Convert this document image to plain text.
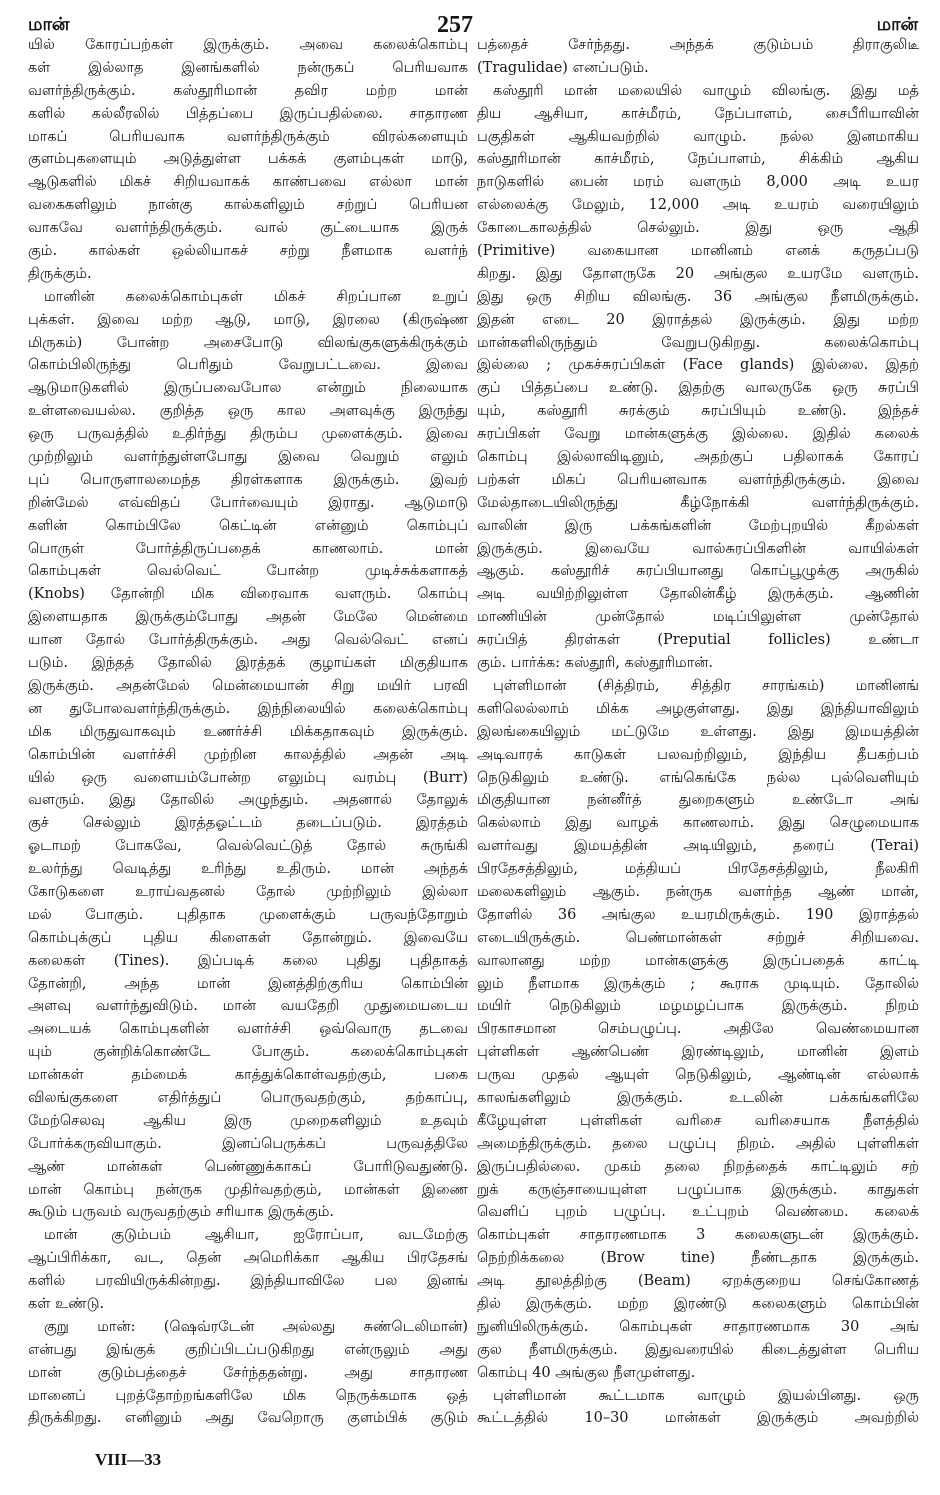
மான்	257	மான்
யில் கோரப்பற்கள் இருக்கும். அவை கலைக்கொம்பு
கள் இல்லாத இனங்களில் நன்ருகப் பெரியவாக
வளர்ந்திருக்கும். கஸ்தூரிமான் தவிர மற்ற மான்
களில் கல்லீரலில் பித்தப்பை இருப்பதில்லை. சாதாரண
மாகப் பெரியவாக வளர்ந்திருக்கும் விரல்களையும்
குளம்புகளையும் அடுத்துள்ள பக்கக் குளம்புகள் மாடு,
ஆடுகளில் மிகச் சிறியவாகக் காண்பவை எல்லா மான்
வகைகளிலும் நான்கு கால்களிலும் சற்றுப் பெரியன
வாகவே வளர்ந்திருக்கும். வால் குட்டையாக இருக்
கும். கால்கள் ஒல்லியாகச் சற்று நீளமாக வளர்ந்
திருக்கும்.
மானின் கலைக்கொம்புகள் மிகச் சிறப்பான உறுப்
புக்கள். இவை மற்ற ஆடு, மாடு, இரலை (கிருஷ்ண
மிருகம்) போன்ற அசைபோடு விலங்குகளுக்கிருக்கும்
கொம்பிலிருந்து பெரிதும் வேறுபட்டவை. இவை
ஆடுமாடுகளில் இருப்பவைபோல என்றும் நிலையாக
உள்ளவையல்ல. குறித்த ஒரு கால அளவுக்கு இருந்து
ஒரு பருவத்தில் உதிர்ந்து திரும்ப முளைக்கும். இவை
முற்றிலும் வளர்ந்துள்ளபோது இவை வெறும் எலும்
புப் பொருளாலமைந்த திரள்களாக இருக்கும். இவற்
றின்மேல் எவ்விதப் போர்வையும் இராது. ஆடுமாடு
களின் கொம்பிலே கெட்டின் என்னும் கொம்புப்
பொருள் போர்த்திருப்பதைக் காணலாம். மான்
கொம்புகள் வெல்வெட் போன்ற முடிச்சுக்களாகத்
(Knobs) தோன்றி மிக விரைவாக வளரும். கொம்பு
இளையதாக இருக்கும்போது அதன் மேலே மென்மை
யான தோல் போர்த்திருக்கும். அது வெல்வெட் எனப்
படும். இந்தத் தோலில் இரத்தக் குழாய்கள் மிகுதியாக
இருக்கும். அதன்மேல் மென்மையான் சிறு மயிர் பரவி
ன துபோலவளர்ந்திருக்கும். இந்நிலையில் கலைக்கொம்பு
மிக மிருதுவாகவும் உணர்ச்சி மிக்கதாகவும் இருக்கும்.
கொம்பின் வளர்ச்சி முற்றின காலத்தில் அதன் அடி
யில் ஒரு வளையம்போன்ற எலும்பு வரம்பு (Burr)
வளரும். இது தோலில் அழுந்தும். அதனால் தோலுக்
குச் செல்லும் இரத்தஓட்டம் தடைப்படும். இரத்தம்
ஓடாமற் போகவே, வெல்வெட்டுத் தோல் சுருங்கி
உலர்ந்து வெடித்து உரிந்து உதிரும். மான் அந்தக்
கோடுகளை உராய்வதனல் தோல் முற்றிலும் இல்லா
மல் போகும். புதிதாக முளைக்கும் பருவந்தோறும்
கொம்புக்குப் புதிய கிளைகள் தோன்றும். இவையே
கலைகள் (Tines). இப்படிக் கலை புதிது புதிதாகத்
தோன்றி, அந்த மான் இனத்திற்குரிய கொம்பின்
அளவு வளர்ந்துவிடும். மான் வயதேறி முதுமையடைய
அடையக் கொம்புகளின் வளர்ச்சி ஒவ்வொரு தடவை
யும் குன்றிக்கொண்டே போகும். கலைக்கொம்புகள்
மான்கள் தம்மைக் காத்துக்கொள்வதற்கும், பகை
விலங்குகளை எதிர்த்துப் பொருவதற்கும், தற்காப்பு,
மேற்செலவு ஆகிய இரு முறைகளிலும் உதவும்
போர்க்கருவியாகும். இனப்பெருக்கப் பருவத்திலே
ஆண் மான்கள் பெண்ணுக்காகப் போரிடுவதுண்டு.
மான் கொம்பு நன்ருக முதிர்வதற்கும், மான்கள் இணை
கூடும் பருவம் வருவதற்கும் சரியாக இருக்கும்.
மான் குடும்பம் ஆசியா, ஐரோப்பா, வடமேற்கு
ஆப்பிரிக்கா, வட, தென் அமெரிக்கா ஆகிய பிரதேசங்
களில் பரவியிருக்கின்றது. இந்தியாவிலே பல இனங்
கள் உண்டு.
குறு மான்: (ஷெவ்ரடேன் அல்லது சுண்டெலிமான்)
என்பது இங்குக் குறிப்பிடப்படுகிறது என்ருலும் அது
மான் குடும்பத்தைச் சேர்ந்ததன்று. அது சாதாரண
மானைப் புறத்தோற்றங்களிலே மிக நெருக்கமாக ஒத்
திருக்கிறது. எனினும் அது வேறொரு குளம்பிக் குடும்
பத்தைச் சேர்ந்தது. அந்தக் குடும்பம் திராகுலிடீ
(Tragulidae) எனப்படும்.
கஸ்தூரி மான் மலையில் வாழும் விலங்கு. இது மத்
திய ஆசியா, காச்மீரம், நேப்பாளம், சைபீரியாவின்
பகுதிகள் ஆகியவற்றில் வாழும். நல்ல இனமாகிய
கஸ்தூரிமான் காச்மீரம், நேப்பாளம், சிக்கிம் ஆகிய
நாடுகளில் பைன் மரம் வளரும் 8,000 அடி உயர
எல்லைக்கு மேலும், 12,000 அடி உயரம் வரையிலும்
கோடைகாலத்தில் செல்லும். இது ஒரு ஆதி
(Primitive) வகையான மானினம் எனக் கருதப்படு
கிறது. இது தோளருகே 20 அங்குல உயரமே வளரும்.
இது ஒரு சிறிய விலங்கு. 36 அங்குல நீளமிருக்கும்.
இதன் எடை 20 இராத்தல் இருக்கும். இது மற்ற
மான்களிலிருந்தும் வேறுபடுகிறது. கலைக்கொம்பு
இல்லை ; முகச்சுரப்பிகள் (Face glands) இல்லை. இதற்
குப் பித்தப்பை உண்டு. இதற்கு வாலருகே ஒரு சுரப்பி
யும், கஸ்தூரி சுரக்கும் சுரப்பியும் உண்டு. இந்தச்
சுரப்பிகள் வேறு மான்களுக்கு இல்லை. இதில் கலைக்
கொம்பு இல்லாவிடினும், அதற்குப் பதிலாகக் கோரப்
பற்கள் மிகப் பெரியனவாக வளர்ந்திருக்கும். இவை
மேல்தாடையிலிருந்து கீழ்நோக்கி வளர்ந்திருக்கும்.
வாலின் இரு பக்கங்களின் மேற்புறயில் கீறல்கள்
இருக்கும். இவையே வால்சுரப்பிகளின் வாயில்கள்
ஆகும். கஸ்தூரிச் சுரப்பியானது கொப்பூழுக்கு அருகில்
அடி வயிற்றிலுள்ள தோலின்கீழ் இருக்கும். ஆணின்
மாணியின் முன்தோல் மடிப்பிலுள்ள முன்தோல்
சுரப்பித் திரள்கள் (Preputial follicles) உண்டா
கும். பார்க்க: கஸ்தூரி, கஸ்தூரிமான்.
புள்ளிமான் (சித்திரம், சித்திர சாரங்கம்) மானினங்
களிலெல்லாம் மிக்க அழகுள்ளது. இது இந்தியாவிலும்
இலங்கையிலும் மட்டுமே உள்ளது. இது இமயத்தின்
அடிவாரக் காடுகள் பலவற்றிலும், இந்திய தீபகற்பம்
நெடுகிலும் உண்டு. எங்கெங்கே நல்ல புல்வெளியும்
மிகுதியான நன்னீர்த் துறைகளும் உண்டோ அங்
கெல்லாம் இது வாழக் காணலாம். இது செழுமையாக
வளர்வது இமயத்தின் அடியிலும், தரைப் (Terai)
பிரதேசத்திலும், மத்தியப் பிரதேசத்திலும், நீலகிரி
மலைகளிலும் ஆகும். நன்ருக வளர்ந்த ஆண் மான்,
தோளில் 36 அங்குல உயரமிருக்கும். 190 இராத்தல்
எடையிருக்கும். பெண்மான்கள் சற்றுச் சிறியவை.
வாலானது மற்ற மான்களுக்கு இருப்பதைக் காட்டி
லும் நீளமாக இருக்கும் ; கூராக முடியும். தோலில்
மயிர் நெடுகிலும் மழமழப்பாக இருக்கும். நிறம்
பிரகாசமான செம்பழுப்பு. அதிலே வெண்மையான
புள்ளிகள் ஆண்பெண் இரண்டிலும், மானின் இளம்
பருவ முதல் ஆயுள் நெடுகிலும், ஆண்டின் எல்லாக்
காலங்களிலும் இருக்கும். உடலின் பக்கங்களிலே
கீழேயுள்ள புள்ளிகள் வரிசை வரிசையாக நீளத்தில்
அமைந்திருக்கும். தலை பழுப்பு நிறம். அதில் புள்ளிகள்
இருப்பதில்லை. முகம் தலை நிறத்தைக் காட்டிலும் சற்
றுக் கருஞ்சாயையுள்ள பழுப்பாக இருக்கும். காதுகள்
வெளிப் புறம் பழுப்பு. உட்புறம் வெண்மை. கலைக்
கொம்புகள் சாதாரணமாக 3 கலைகளுடன் இருக்கும்.
நெற்றிக்கலை (Brow tine) நீண்டதாக இருக்கும்.
அடி தூலத்திற்கு (Beam) ஏறக்குறைய செங்கோணத்
தில் இருக்கும். மற்ற இரண்டு கலைகளும் கொம்பின்
நுனியிலிருக்கும். கொம்புகள் சாதாரணமாக 30 அங்
குல நீளமிருக்கும். இதுவரையில் கிடைத்துள்ள பெரிய
கொம்பு 40 அங்குல நீளமுள்ளது.
புள்ளிமான் கூட்டமாக வாழும் இயல்பினது. ஒரு
கூட்டத்தில் 10–30 மான்கள் இருக்கும் அவற்றில்
VIII—33
